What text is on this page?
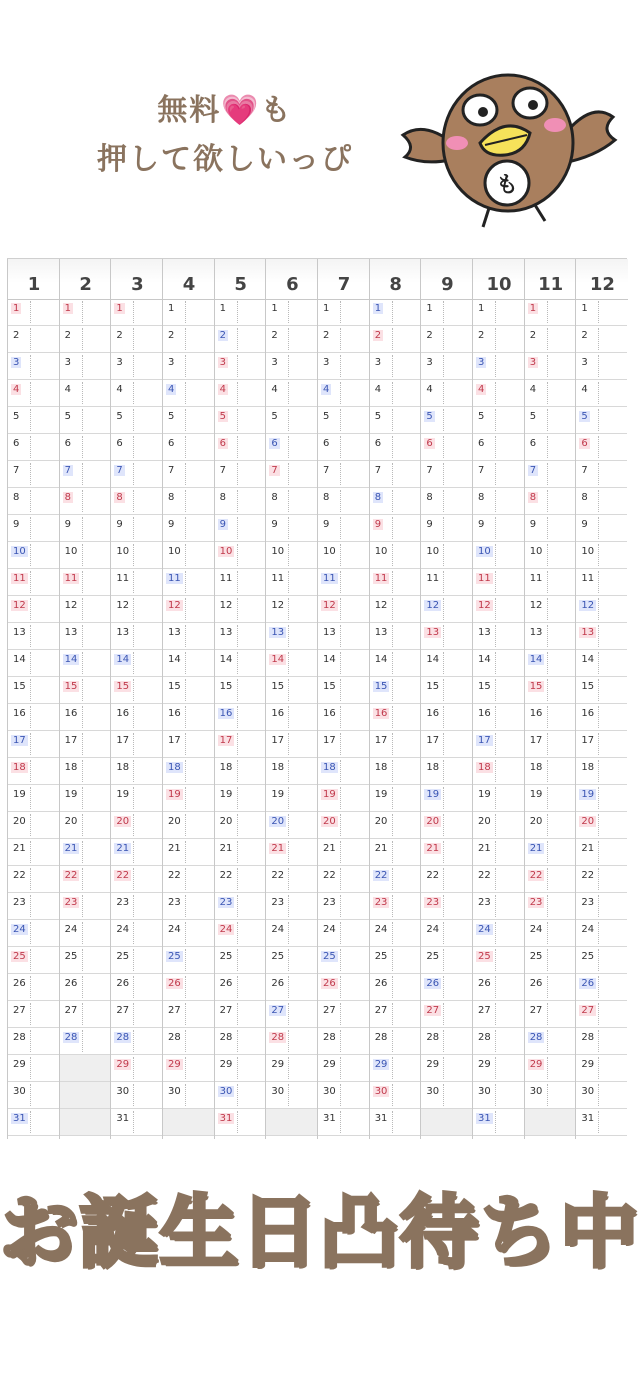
無料💗も
押して欲しいっぴ
も
1
1
2
3
4
5
6
7
8
9
10
11
12
13
14
15
16
17
18
19
20
21
22
23
24
25
26
27
28
29
30
31
2
1
2
3
4
5
6
7
8
9
10
11
12
13
14
15
16
17
18
19
20
21
22
23
24
25
26
27
28
3
1
2
3
4
5
6
7
8
9
10
11
12
13
14
15
16
17
18
19
20
21
22
23
24
25
26
27
28
29
30
31
4
1
2
3
4
5
6
7
8
9
10
11
12
13
14
15
16
17
18
19
20
21
22
23
24
25
26
27
28
29
30
5
1
2
3
4
5
6
7
8
9
10
11
12
13
14
15
16
17
18
19
20
21
22
23
24
25
26
27
28
29
30
31
6
1
2
3
4
5
6
7
8
9
10
11
12
13
14
15
16
17
18
19
20
21
22
23
24
25
26
27
28
29
30
7
1
2
3
4
5
6
7
8
9
10
11
12
13
14
15
16
17
18
19
20
21
22
23
24
25
26
27
28
29
30
31
8
1
2
3
4
5
6
7
8
9
10
11
12
13
14
15
16
17
18
19
20
21
22
23
24
25
26
27
28
29
30
31
9
1
2
3
4
5
6
7
8
9
10
11
12
13
14
15
16
17
18
19
20
21
22
23
24
25
26
27
28
29
30
10
1
2
3
4
5
6
7
8
9
10
11
12
13
14
15
16
17
18
19
20
21
22
23
24
25
26
27
28
29
30
31
11
1
2
3
4
5
6
7
8
9
10
11
12
13
14
15
16
17
18
19
20
21
22
23
24
25
26
27
28
29
30
12
1
2
3
4
5
6
7
8
9
10
11
12
13
14
15
16
17
18
19
20
21
22
23
24
25
26
27
28
29
30
31
お誕生日凸待ち中
